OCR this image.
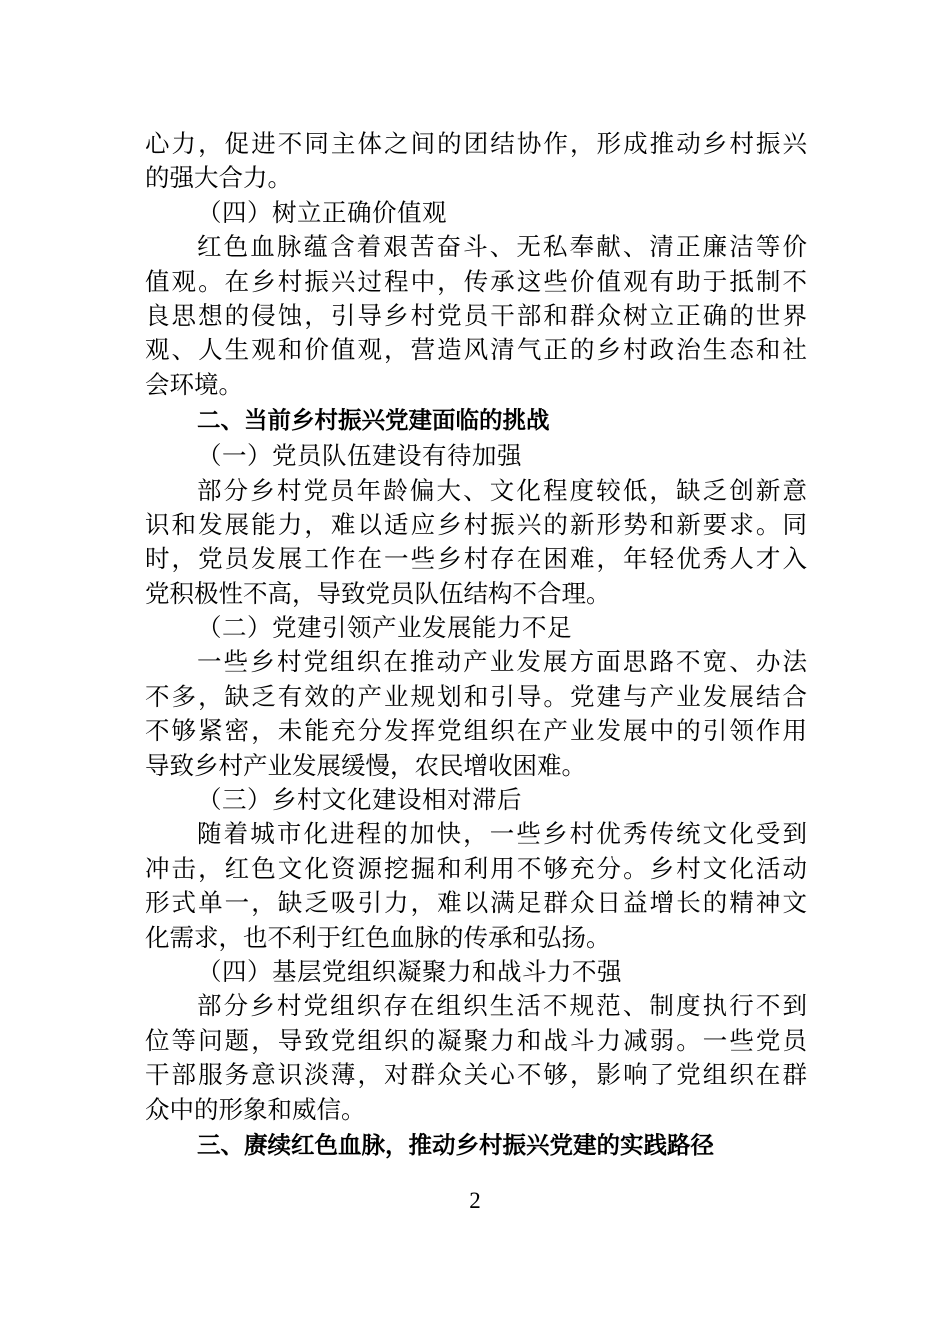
心力，促进不同主体之间的团结协作，形成推动乡村振兴
的强大合力。
（四）树立正确价值观
红色血脉蕴含着艰苦奋斗、无私奉献、清正廉洁等价
值观。在乡村振兴过程中，传承这些价值观有助于抵制不
良思想的侵蚀，引导乡村党员干部和群众树立正确的世界
观、人生观和价值观，营造风清气正的乡村政治生态和社
会环境。
二、当前乡村振兴党建面临的挑战
（一）党员队伍建设有待加强
部分乡村党员年龄偏大、文化程度较低，缺乏创新意
识和发展能力，难以适应乡村振兴的新形势和新要求。同
时，党员发展工作在一些乡村存在困难，年轻优秀人才入
党积极性不高，导致党员队伍结构不合理。
（二）党建引领产业发展能力不足
一些乡村党组织在推动产业发展方面思路不宽、办法
不多，缺乏有效的产业规划和引导。党建与产业发展结合
不够紧密，未能充分发挥党组织在产业发展中的引领作用
导致乡村产业发展缓慢，农民增收困难。
（三）乡村文化建设相对滞后
随着城市化进程的加快，一些乡村优秀传统文化受到
冲击，红色文化资源挖掘和利用不够充分。乡村文化活动
形式单一，缺乏吸引力，难以满足群众日益增长的精神文
化需求，也不利于红色血脉的传承和弘扬。
（四）基层党组织凝聚力和战斗力不强
部分乡村党组织存在组织生活不规范、制度执行不到
位等问题，导致党组织的凝聚力和战斗力减弱。一些党员
干部服务意识淡薄，对群众关心不够，影响了党组织在群
众中的形象和威信。
三、赓续红色血脉，推动乡村振兴党建的实践路径
2
